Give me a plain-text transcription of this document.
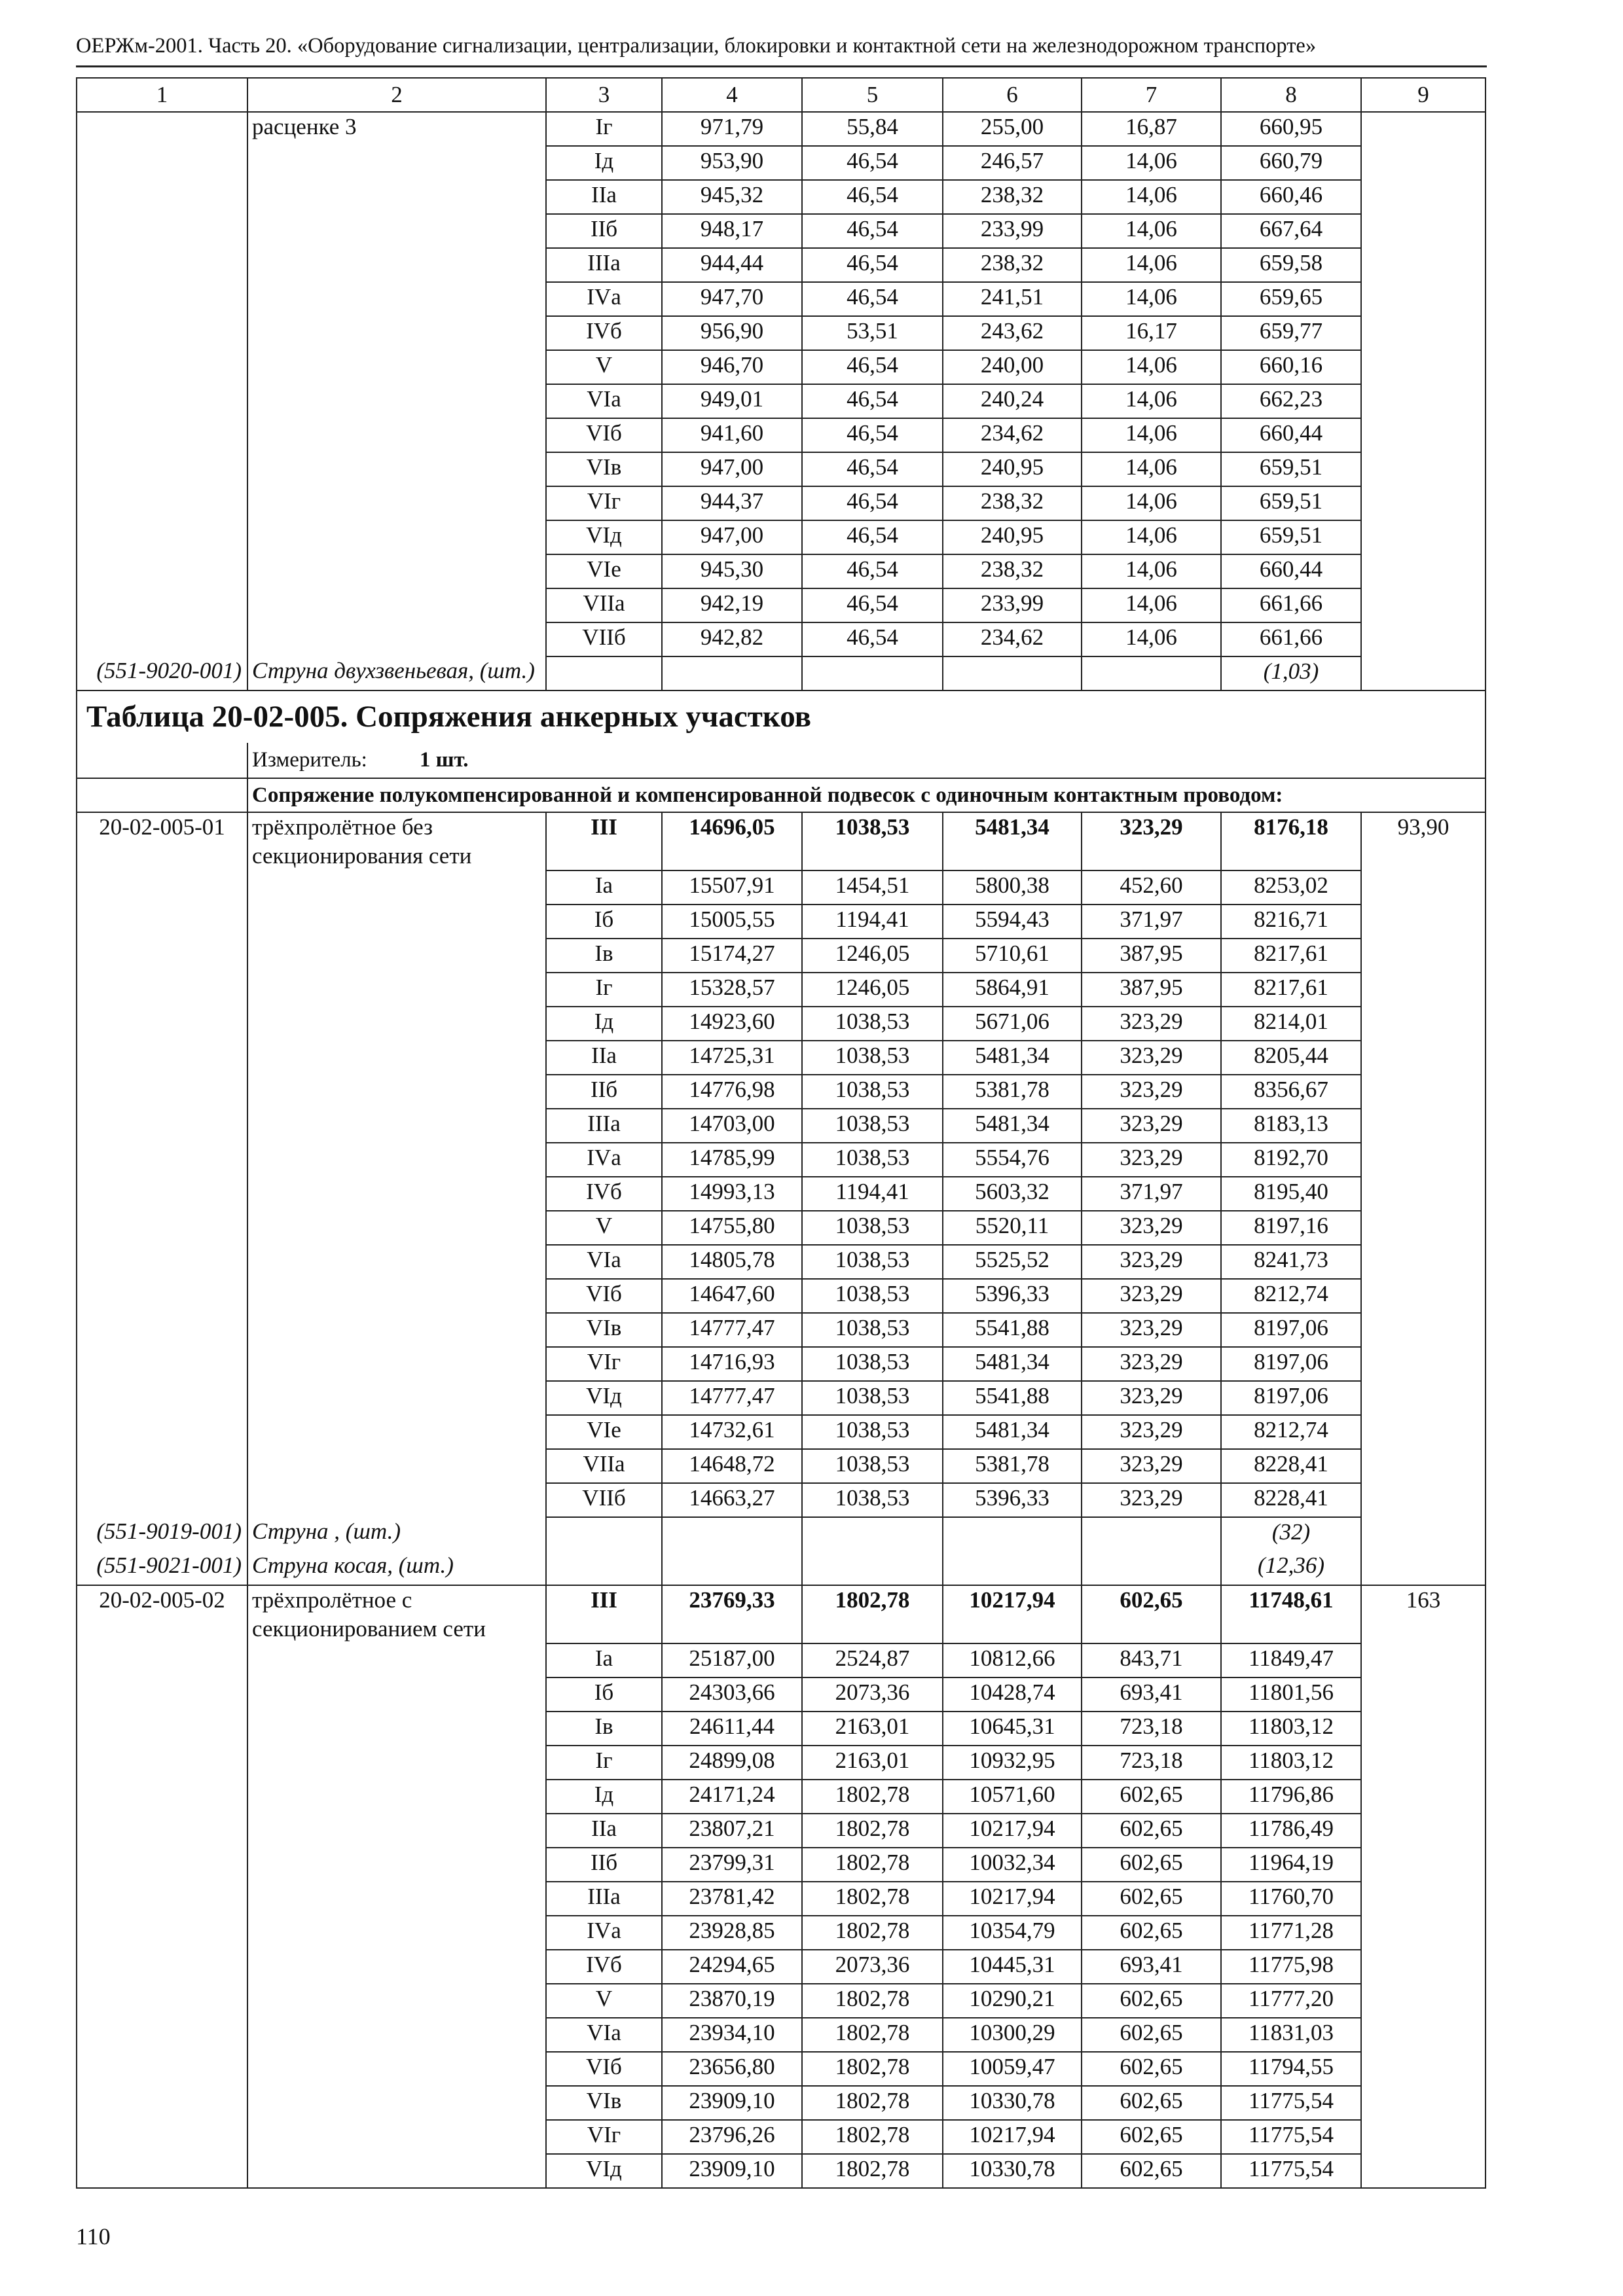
ОЕРЖм-2001. Часть 20. «Оборудование сигнализации, централизации, блокировки и контактной сети на железнодорожном транспорте»
1	2	3	4	5	6	7	8	9
	расценке 3	Iг	971,79	55,84	255,00	16,87	660,95	
		Iд	953,90	46,54	246,57	14,06	660,79	
		IIа	945,32	46,54	238,32	14,06	660,46	
		IIб	948,17	46,54	233,99	14,06	667,64	
		IIIа	944,44	46,54	238,32	14,06	659,58	
		IVа	947,70	46,54	241,51	14,06	659,65	
		IVб	956,90	53,51	243,62	16,17	659,77	
		V	946,70	46,54	240,00	14,06	660,16	
		VIа	949,01	46,54	240,24	14,06	662,23	
		VIб	941,60	46,54	234,62	14,06	660,44	
		VIв	947,00	46,54	240,95	14,06	659,51	
		VIг	944,37	46,54	238,32	14,06	659,51	
		VIд	947,00	46,54	240,95	14,06	659,51	
		VIе	945,30	46,54	238,32	14,06	660,44	
		VIIа	942,19	46,54	233,99	14,06	661,66	
		VIIб	942,82	46,54	234,62	14,06	661,66	
(551-9020-001)	Струна двухзвеньевая, (шт.)						(1,03)	
Таблица 20-02-005. Сопряжения анкерных участков								
	Измеритель: 1 шт.							
	Сопряжение полукомпенсированной и компенсированной подвесок с одиночным контактным проводом:							
20-02-005-01	трёхпролётное без секционирования сети	III	14696,05	1038,53	5481,34	323,29	8176,18	93,90
		Iа	15507,91	1454,51	5800,38	452,60	8253,02	
		Iб	15005,55	1194,41	5594,43	371,97	8216,71	
		Iв	15174,27	1246,05	5710,61	387,95	8217,61	
		Iг	15328,57	1246,05	5864,91	387,95	8217,61	
		Iд	14923,60	1038,53	5671,06	323,29	8214,01	
		IIа	14725,31	1038,53	5481,34	323,29	8205,44	
		IIб	14776,98	1038,53	5381,78	323,29	8356,67	
		IIIа	14703,00	1038,53	5481,34	323,29	8183,13	
		IVа	14785,99	1038,53	5554,76	323,29	8192,70	
		IVб	14993,13	1194,41	5603,32	371,97	8195,40	
		V	14755,80	1038,53	5520,11	323,29	8197,16	
		VIа	14805,78	1038,53	5525,52	323,29	8241,73	
		VIб	14647,60	1038,53	5396,33	323,29	8212,74	
		VIв	14777,47	1038,53	5541,88	323,29	8197,06	
		VIг	14716,93	1038,53	5481,34	323,29	8197,06	
		VIд	14777,47	1038,53	5541,88	323,29	8197,06	
		VIе	14732,61	1038,53	5481,34	323,29	8212,74	
		VIIа	14648,72	1038,53	5381,78	323,29	8228,41	
		VIIб	14663,27	1038,53	5396,33	323,29	8228,41	
(551-9019-001)	Струна , (шт.)						(32)	
(551-9021-001)	Струна косая, (шт.)						(12,36)	
20-02-005-02	трёхпролётное с секционированием сети	III	23769,33	1802,78	10217,94	602,65	11748,61	163
		Iа	25187,00	2524,87	10812,66	843,71	11849,47	
		Iб	24303,66	2073,36	10428,74	693,41	11801,56	
		Iв	24611,44	2163,01	10645,31	723,18	11803,12	
		Iг	24899,08	2163,01	10932,95	723,18	11803,12	
		Iд	24171,24	1802,78	10571,60	602,65	11796,86	
		IIа	23807,21	1802,78	10217,94	602,65	11786,49	
		IIб	23799,31	1802,78	10032,34	602,65	11964,19	
		IIIа	23781,42	1802,78	10217,94	602,65	11760,70	
		IVа	23928,85	1802,78	10354,79	602,65	11771,28	
		IVб	24294,65	2073,36	10445,31	693,41	11775,98	
		V	23870,19	1802,78	10290,21	602,65	11777,20	
		VIа	23934,10	1802,78	10300,29	602,65	11831,03	
		VIб	23656,80	1802,78	10059,47	602,65	11794,55	
		VIв	23909,10	1802,78	10330,78	602,65	11775,54	
		VIг	23796,26	1802,78	10217,94	602,65	11775,54	
		VIд	23909,10	1802,78	10330,78	602,65	11775,54	
110
